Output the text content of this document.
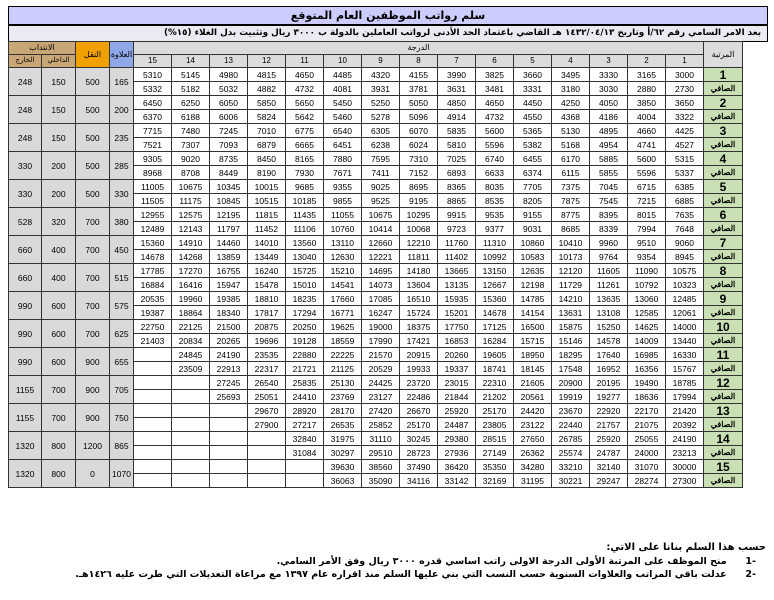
سلم رواتب الموظفين العام المتوقع
بعد الامر السامي رقم ٦٢/أ وتاريخ ١٤٣٢/٠٤/١٣ هـ القاضي باعتماد الحد الأدنى لرواتب العاملين بالدولة ب ٣٠٠٠ ريال وتثبيت بدل الغلاء (١٥%)
الانتداب		النقل	العلاوة	الدرجة															المرتبة
الخارج	الداخلي			15	14	13	12	11	10	9	8	7	6	5	4	3	2	1	
248	150	500	165	5310	5145	4980	4815	4650	4485	4320	4155	3990	3825	3660	3495	3330	3165	3000	1
				5332	5182	5032	4882	4732	4081	3931	3781	3631	3481	3331	3180	3030	2880	2730	الصافي
248	150	500	200	6450	6250	6050	5850	5650	5450	5250	5050	4850	4650	4450	4250	4050	3850	3650	2
				6370	6188	6006	5824	5642	5460	5278	5096	4914	4732	4550	4368	4186	4004	3322	الصافي
248	150	500	235	7715	7480	7245	7010	6775	6540	6305	6070	5835	5600	5365	5130	4895	4660	4425	3
				7521	7307	7093	6879	6665	6451	6238	6024	5810	5596	5382	5168	4954	4741	4527	الصافي
330	200	500	285	9305	9020	8735	8450	8165	7880	7595	7310	7025	6740	6455	6170	5885	5600	5315	4
				8968	8708	8449	8190	7930	7671	7411	7152	6893	6633	6374	6115	5855	5596	5337	الصافي
330	200	500	330	11005	10675	10345	10015	9685	9355	9025	8695	8365	8035	7705	7375	7045	6715	6385	5
				11505	11175	10845	10515	10185	9855	9525	9195	8865	8535	8205	7875	7545	7215	6885	الصافي
528	320	700	380	12955	12575	12195	11815	11435	11055	10675	10295	9915	9535	9155	8775	8395	8015	7635	6
				12489	12143	11797	11452	11106	10760	10414	10068	9723	9377	9031	8685	8339	7994	7648	الصافي
660	400	700	450	15360	14910	14460	14010	13560	13110	12660	12210	11760	11310	10860	10410	9960	9510	9060	7
				14678	14268	13859	13449	13040	12630	12221	11811	11402	10992	10583	10173	9764	9354	8945	الصافي
660	400	700	515	17785	17270	16755	16240	15725	15210	14695	14180	13665	13150	12635	12120	11605	11090	10575	8
				16884	16416	15947	15478	15010	14541	14073	13604	13135	12667	12198	11729	11261	10792	10323	الصافي
990	600	700	575	20535	19960	19385	18810	18235	17660	17085	16510	15935	15360	14785	14210	13635	13060	12485	9
				19387	18864	18340	17817	17294	16771	16247	15724	15201	14678	14154	13631	13108	12585	12061	الصافي
990	600	700	625	22750	22125	21500	20875	20250	19625	19000	18375	17750	17125	16500	15875	15250	14625	14000	10
				21403	20834	20265	19696	19128	18559	17990	17421	16853	16284	15715	15146	14578	14009	13440	الصافي
990	600	900	655		24845	24190	23535	22880	22225	21570	20915	20260	19605	18950	18295	17640	16985	16330	11
					23509	22913	22317	21721	21125	20529	19933	19337	18741	18145	17548	16952	16356	15767	الصافي
1155	700	900	705			27245	26540	25835	25130	24425	23720	23015	22310	21605	20900	20195	19490	18785	12
						25693	25051	24410	23769	23127	22486	21844	21202	20561	19919	19277	18636	17994	الصافي
1155	700	900	750				29670	28920	28170	27420	26670	25920	25170	24420	23670	22920	22170	21420	13
							27900	27217	26535	25852	25170	24487	23805	23122	22440	21757	21075	20392	الصافي
1320	800	1200	865					32840	31975	31110	30245	29380	28515	27650	26785	25920	25055	24190	14
								31084	30297	29510	28723	27936	27149	26362	25574	24787	24000	23213	الصافي
1320	800	0	1070						39630	38560	37490	36420	35350	34280	33210	32140	31070	30000	15
									36063	35090	34116	33142	32169	31195	30221	29247	28274	27300	الصافي
حسب هذا السلم بنانا على الاتي:
-1 منح الموظف على المرتبة الأولى الدرجة الاولى راتب اساسي قدره ٣٠٠٠ ريال وفق الأمر السامي.
-2 عدلت باقي المراتب والعلاوات السنوية حسب النسب التي بني عليها السلم منذ اقراره عام ١٣٩٧ مع مراعاة التعديلات التي طرت عليه ١٤٢٦هـ.
